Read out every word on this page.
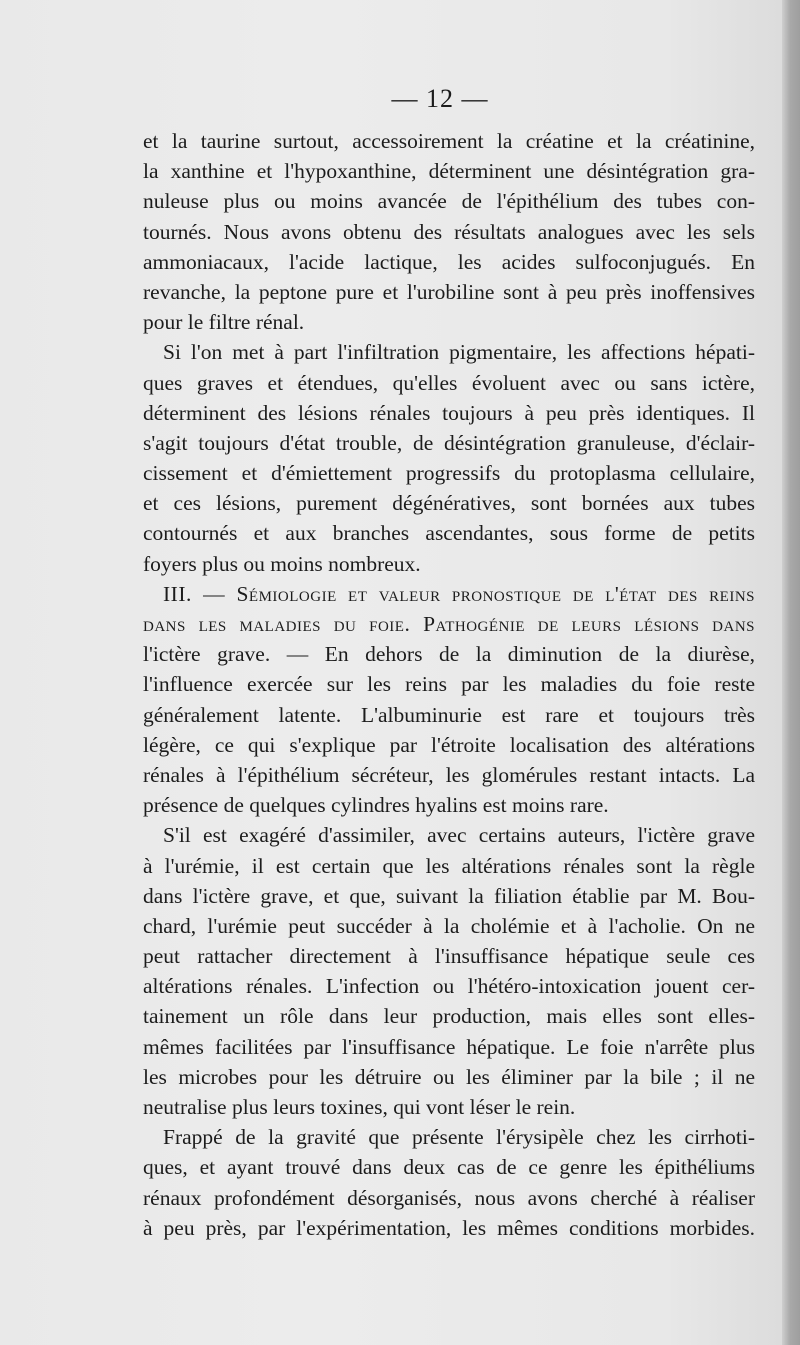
— 12 —
et la taurine surtout, accessoirement la créatine et la créatinine,
la xanthine et l'hypoxanthine, déterminent une désintégration gra-
nuleuse plus ou moins avancée de l'épithélium des tubes con-
tournés. Nous avons obtenu des résultats analogues avec les sels
ammoniacaux, l'acide lactique, les acides sulfoconjugués. En
revanche, la peptone pure et l'urobiline sont à peu près inoffensives
pour le filtre rénal.
Si l'on met à part l'infiltration pigmentaire, les affections hépati-
ques graves et étendues, qu'elles évoluent avec ou sans ictère,
déterminent des lésions rénales toujours à peu près identiques. Il
s'agit toujours d'état trouble, de désintégration granuleuse, d'éclair-
cissement et d'émiettement progressifs du protoplasma cellulaire,
et ces lésions, purement dégénératives, sont bornées aux tubes
contournés et aux branches ascendantes, sous forme de petits
foyers plus ou moins nombreux.
III. — Sémiologie et valeur pronostique de l'état des reins
dans les maladies du foie. Pathogénie de leurs lésions dans
l'ictère grave. — En dehors de la diminution de la diurèse,
l'influence exercée sur les reins par les maladies du foie reste
généralement latente. L'albuminurie est rare et toujours très
légère, ce qui s'explique par l'étroite localisation des altérations
rénales à l'épithélium sécréteur, les glomérules restant intacts. La
présence de quelques cylindres hyalins est moins rare.
S'il est exagéré d'assimiler, avec certains auteurs, l'ictère grave
à l'urémie, il est certain que les altérations rénales sont la règle
dans l'ictère grave, et que, suivant la filiation établie par M. Bou-
chard, l'urémie peut succéder à la cholémie et à l'acholie. On ne
peut rattacher directement à l'insuffisance hépatique seule ces
altérations rénales. L'infection ou l'hétéro-intoxication jouent cer-
tainement un rôle dans leur production, mais elles sont elles-
mêmes facilitées par l'insuffisance hépatique. Le foie n'arrête plus
les microbes pour les détruire ou les éliminer par la bile ; il ne
neutralise plus leurs toxines, qui vont léser le rein.
Frappé de la gravité que présente l'érysipèle chez les cirrhoti-
ques, et ayant trouvé dans deux cas de ce genre les épithéliums
rénaux profondément désorganisés, nous avons cherché à réaliser
à peu près, par l'expérimentation, les mêmes conditions morbides.
